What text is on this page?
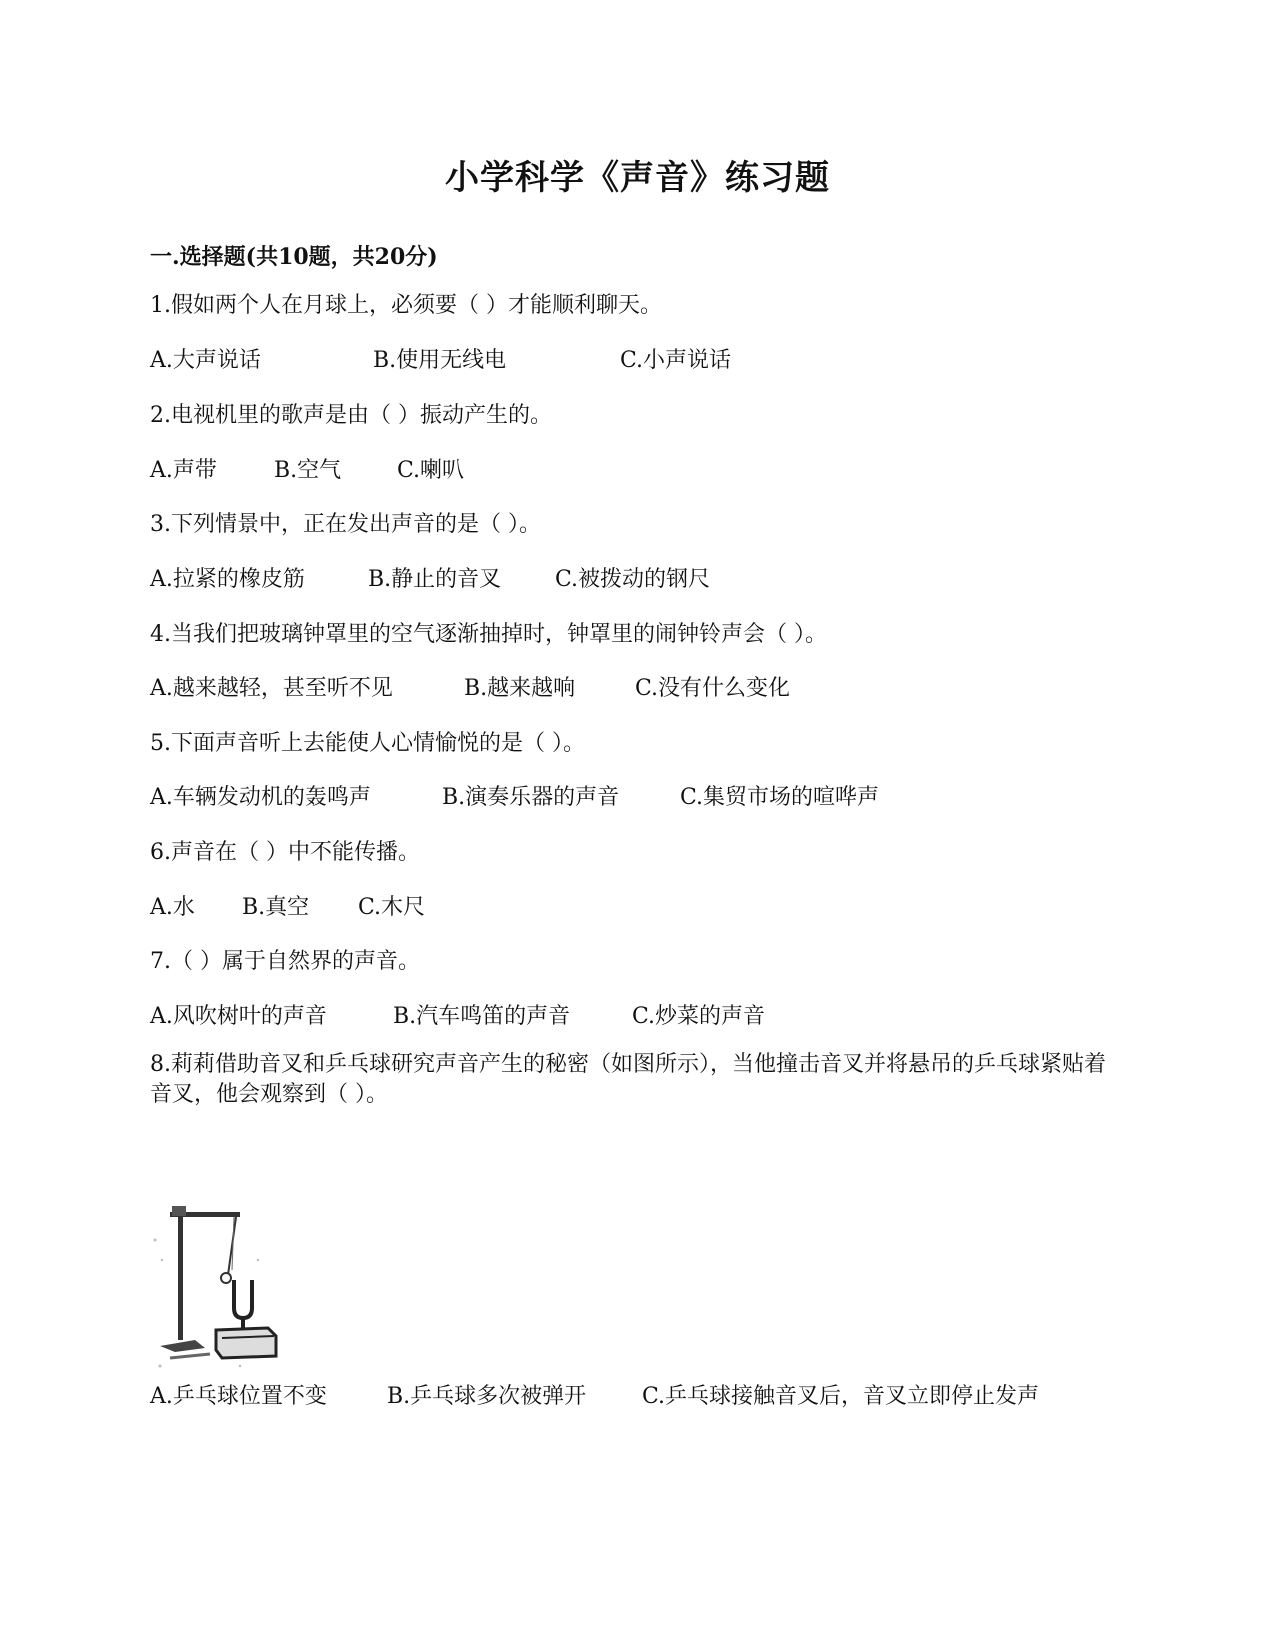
小学科学《声音》练习题
一.选择题(共10题，共20分)
1.假如两个人在月球上，必须要（ ）才能顺利聊天。
A.大声说话	B.使用无线电	C.小声说话
2.电视机里的歌声是由（ ）振动产生的。
A.声带	B.空气	C.喇叭
3.下列情景中，正在发出声音的是（ ）。
A.拉紧的橡皮筋	B.静止的音叉 C.被拨动的钢尺
4.当我们把玻璃钟罩里的空气逐渐抽掉时，钟罩里的闹钟铃声会（ ）。
A.越来越轻，甚至听不见	B.越来越响	C.没有什么变化
5.下面声音听上去能使人心情愉悦的是（ ）。
A.车辆发动机的轰鸣声	B.演奏乐器的声音	C.集贸市场的喧哗声
6.声音在（ ）中不能传播。
A.水 B.真空 C.木尺
7.（ ）属于自然界的声音。
A.风吹树叶的声音	B.汽车鸣笛的声音	C.炒菜的声音
8.莉莉借助音叉和乒乓球研究声音产生的秘密（如图所示），当他撞击音叉并将悬吊的乒乓球紧贴着音叉，他会观察到（ ）。
A.乒乓球位置不变	B.乒乓球多次被弹开	C.乒乓球接触音叉后，音叉立即停止发声
